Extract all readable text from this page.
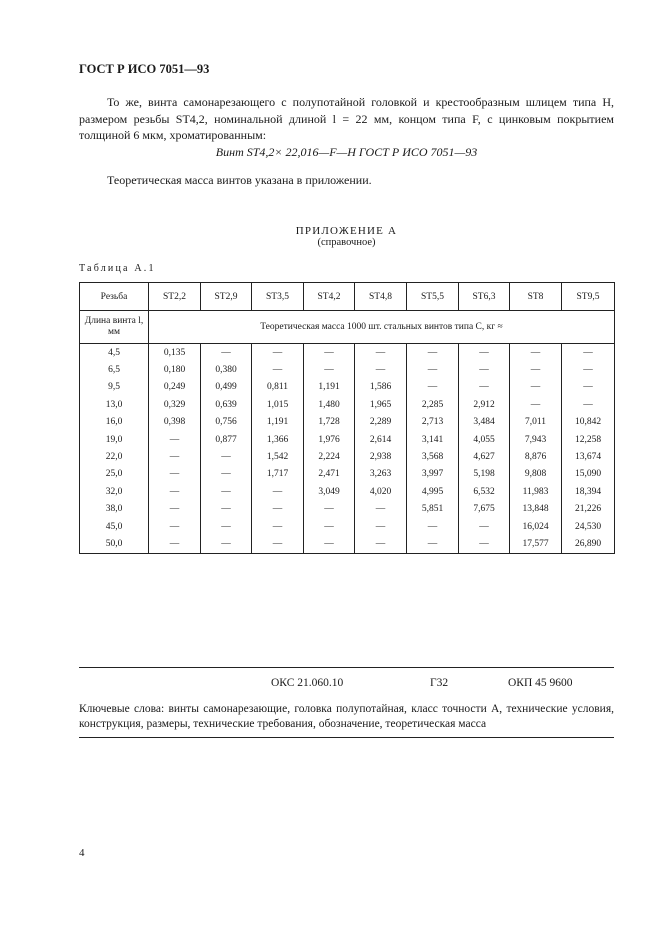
ГОСТ Р ИСО 7051—93
То же, винта самонарезающего с полупотайной головкой и крестообразным шлицем типа H, размером резьбы ST4,2, номинальной длиной l = 22 мм, концом типа F, с цинковым покрытием толщиной 6 мкм, хроматированным:
Винт ST4,2× 22,016—F—H ГОСТ Р ИСО 7051—93
Теоретическая масса винтов указана в приложении.
ПРИЛОЖЕНИЕ А
(справочное)
Таблица А.1
Резьба	ST2,2	ST2,9	ST3,5	ST4,2	ST4,8	ST5,5	ST6,3	ST8	ST9,5
Длина винта l, мм	Теоретическая масса 1000 шт. стальных винтов типа C, кг ≈								
4,5	0,135	—	—	—	—	—	—	—	—
6,5	0,180	0,380	—	—	—	—	—	—	—
9,5	0,249	0,499	0,811	1,191	1,586	—	—	—	—
13,0	0,329	0,639	1,015	1,480	1,965	2,285	2,912	—	—
16,0	0,398	0,756	1,191	1,728	2,289	2,713	3,484	7,011	10,842
19,0	—	0,877	1,366	1,976	2,614	3,141	4,055	7,943	12,258
22,0	—	—	1,542	2,224	2,938	3,568	4,627	8,876	13,674
25,0	—	—	1,717	2,471	3,263	3,997	5,198	9,808	15,090
32,0	—	—	—	3,049	4,020	4,995	6,532	11,983	18,394
38,0	—	—	—	—	—	5,851	7,675	13,848	21,226
45,0	—	—	—	—	—	—	—	16,024	24,530
50,0	—	—	—	—	—	—	—	17,577	26,890
ОКС 21.060.10	Г32	ОКП 45 9600
Ключевые слова: винты самонарезающие, головка полупотайная, класс точности А, технические условия, конструкция, размеры, технические требования, обозначение, теоретическая масса
4
